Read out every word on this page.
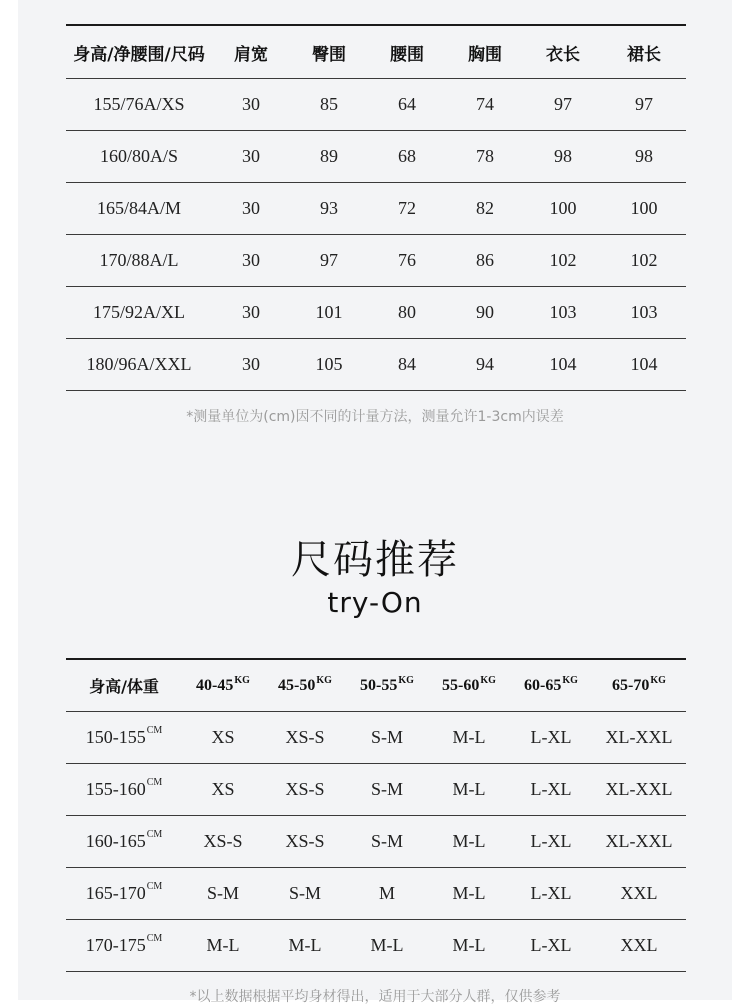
身高/净腰围/尺码	肩宽	臀围	腰围	胸围	衣长	裙长
155/76A/XS	30	85	64	74	97	97
160/80A/S	30	89	68	78	98	98
165/84A/M	30	93	72	82	100	100
170/88A/L	30	97	76	86	102	102
175/92A/XL	30	101	80	90	103	103
180/96A/XXL	30	105	84	94	104	104
*测量单位为(cm)因不同的计量方法，测量允许1-3cm内误差
尺码推荐
try-On
身高/体重	$40-45^{KG}$	$45-50^{KG}$	$50-55^{KG}$	$55-60^{KG}$	$60-65^{KG}$	$65-70^{KG}$
$150-155^{CM}$	XS	XS-S	S-M	M-L	L-XL	XL-XXL
$155-160^{CM}$	XS	XS-S	S-M	M-L	L-XL	XL-XXL
$160-165^{CM}$	XS-S	XS-S	S-M	M-L	L-XL	XL-XXL
$165-170^{CM}$	S-M	S-M	M	M-L	L-XL	XXL
$170-175^{CM}$	M-L	M-L	M-L	M-L	L-XL	XXL
*以上数据根据平均身材得出，适用于大部分人群，仅供参考
